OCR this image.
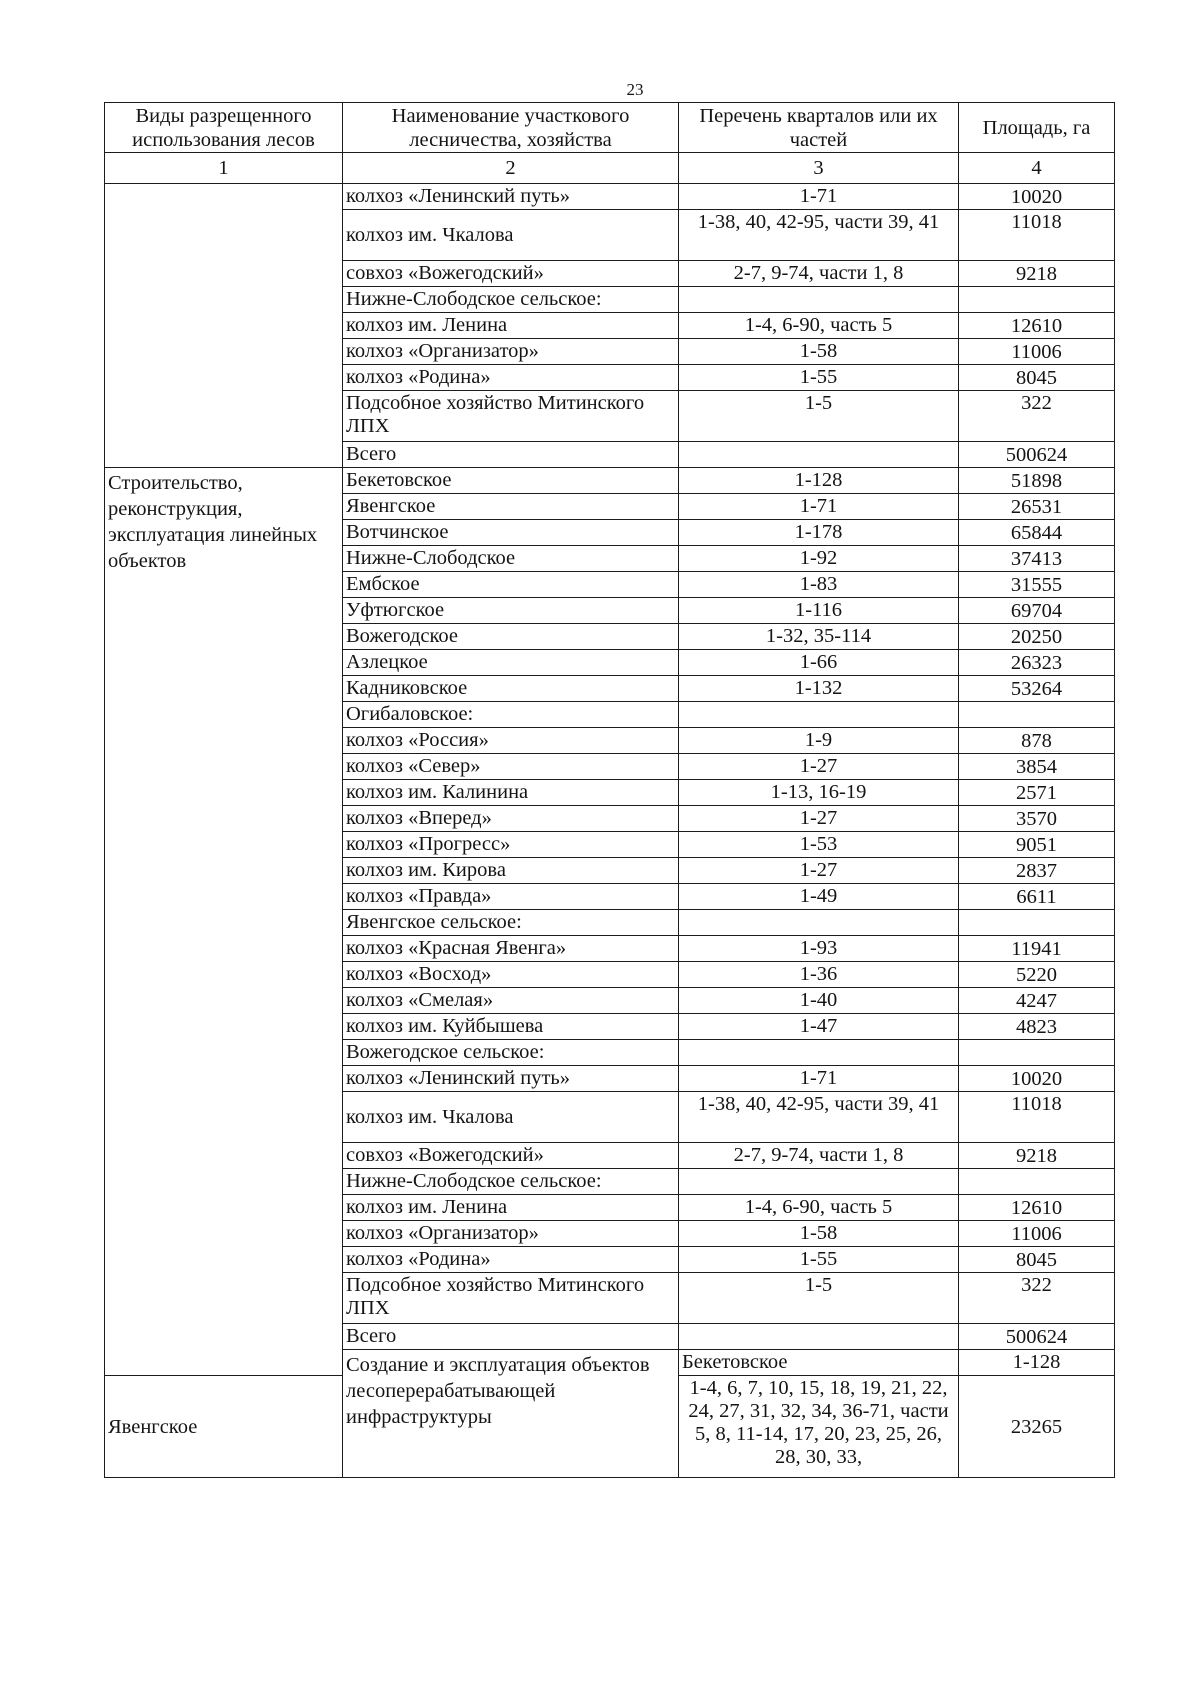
23
Виды разрещенного использования лесов	Наименование участкового лесничества, хозяйства	Перечень кварталов или их частей	Площадь, га	
1	2	3	4	
	колхоз «Ленинский путь»	1-71	10020	
	колхоз им. Чкалова	1-38, 40, 42-95, части 39, 41	11018	
	совхоз «Вожегодский»	2-7, 9-74, части 1, 8	9218	
	Нижне-Слободское сельское:			
	колхоз им. Ленина	1-4, 6-90, часть 5	12610	
	колхоз «Организатор»	1-58	11006	
	колхоз «Родина»	1-55	8045	
	Подсобное хозяйство Митинского ЛПХ	1-5	322	
	Всего		500624	
Строительство, реконструкция, эксплуатация линейных объектов	Бекетовское	1-128	51898	
	Явенгское	1-71	26531	
	Вотчинское	1-178	65844	
	Нижне-Слободское	1-92	37413	
	Ембское	1-83	31555	
	Уфтюгское	1-116	69704	
	Вожегодское	1-32, 35-114	20250	
	Азлецкое	1-66	26323	
	Кадниковское	1-132	53264	
	Огибаловское:			
	колхоз «Россия»	1-9	878	
	колхоз «Север»	1-27	3854	
	колхоз им. Калинина	1-13, 16-19	2571	
	колхоз «Вперед»	1-27	3570	
	колхоз «Прогресс»	1-53	9051	
	колхоз им. Кирова	1-27	2837	
	колхоз «Правда»	1-49	6611	
	Явенгское сельское:			
	колхоз «Красная Явенга»	1-93	11941	
	колхоз «Восход»	1-36	5220	
	колхоз «Смелая»	1-40	4247	
	колхоз им. Куйбышева	1-47	4823	
	Вожегодское сельское:			
	колхоз «Ленинский путь»	1-71	10020	
	колхоз им. Чкалова	1-38, 40, 42-95, части 39, 41	11018	
	совхоз «Вожегодский»	2-7, 9-74, части 1, 8	9218	
	Нижне-Слободское сельское:			
	колхоз им. Ленина	1-4, 6-90, часть 5	12610	
	колхоз «Организатор»	1-58	11006	
	колхоз «Родина»	1-55	8045	
	Подсобное хозяйство Митинского ЛПХ	1-5	322	
	Всего		500624	
	Создание и эксплуатация объектов лесоперерабатывающей инфраструктуры	Бекетовское	1-128	
Явенгское		1-4, 6, 7, 10, 15, 18, 19, 21, 22, 24, 27, 31, 32, 34, 36-71, части 5, 8, 11-14, 17, 20, 23, 25, 26, 28, 30, 33,	23265	
